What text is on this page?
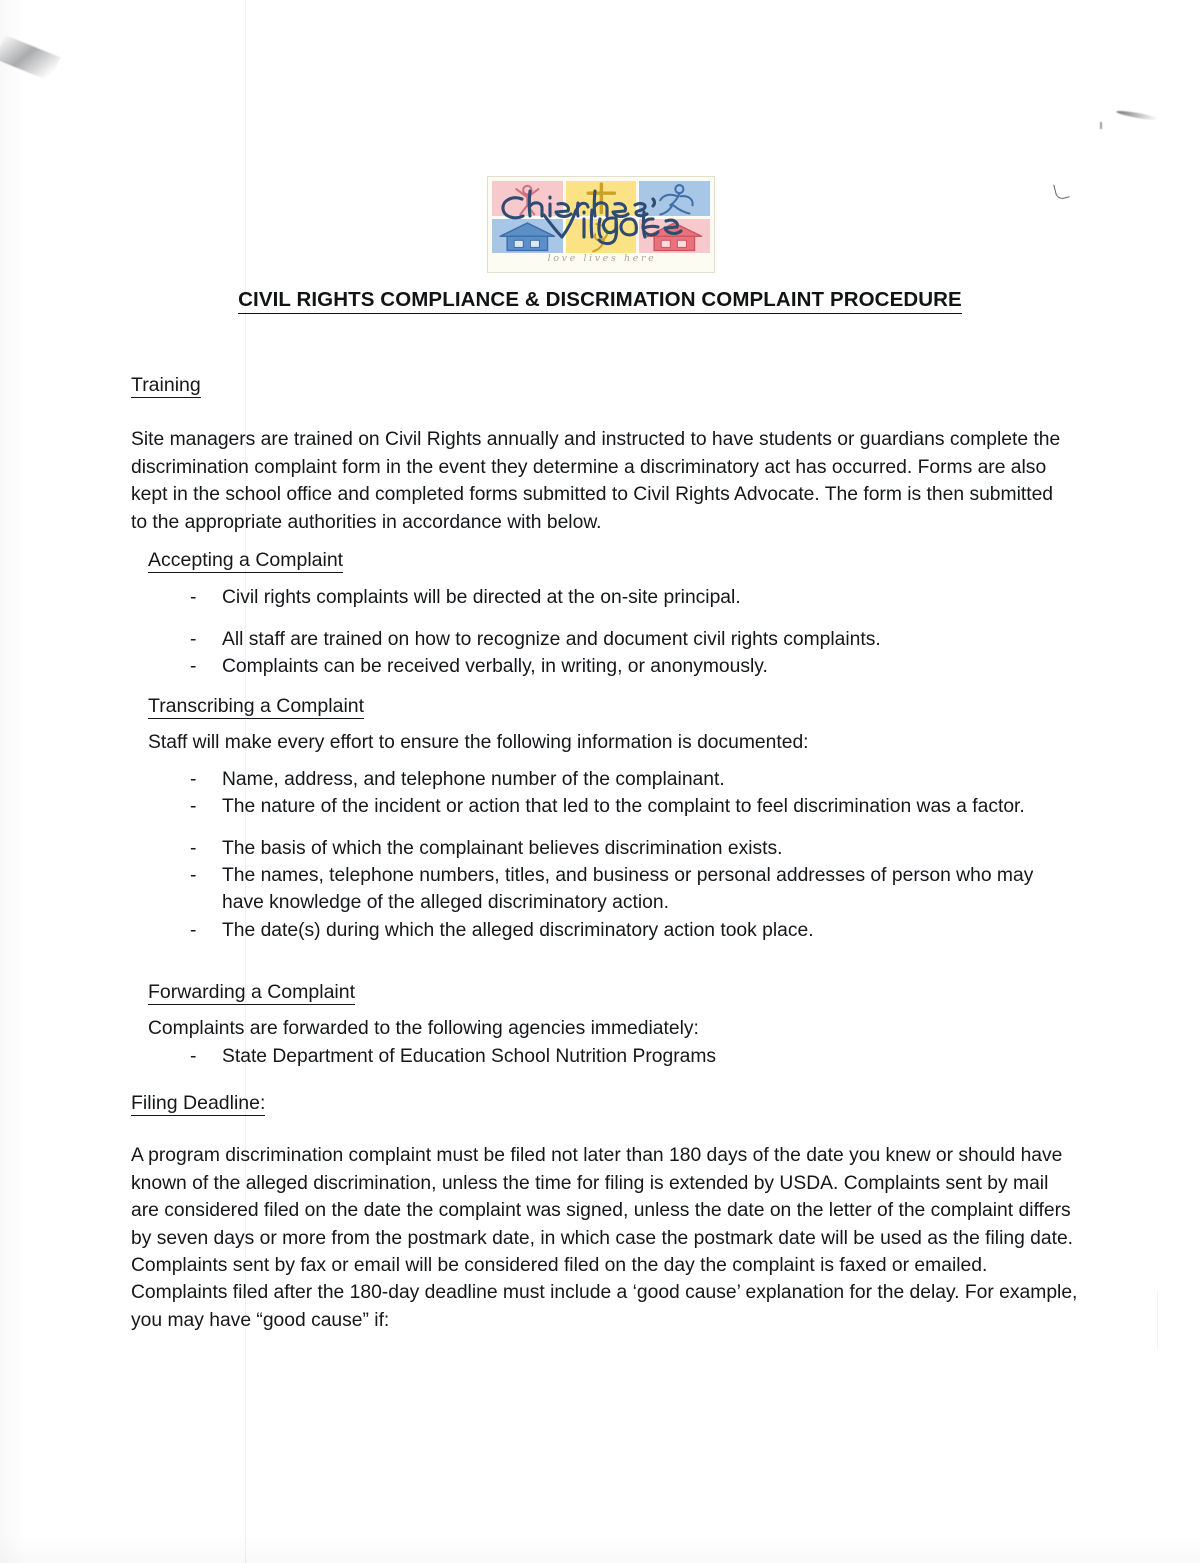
love lives here
CIVIL RIGHTS COMPLIANCE & DISCRIMATION COMPLAINT PROCEDURE
Training
Site managers are trained on Civil Rights annually and instructed to have students or guardians complete the discrimination complaint form in the event they determine a discriminatory act has occurred. Forms are also kept in the school office and completed forms submitted to Civil Rights Advocate. The form is then submitted to the appropriate authorities in accordance with below.
Accepting a Complaint
- Civil rights complaints will be directed at the on-site principal.
- All staff are trained on how to recognize and document civil rights complaints.
- Complaints can be received verbally, in writing, or anonymously.
Transcribing a Complaint
Staff will make every effort to ensure the following information is documented:
- Name, address, and telephone number of the complainant.
- The nature of the incident or action that led to the complaint to feel discrimination was a factor.
- The basis of which the complainant believes discrimination exists.
- The names, telephone numbers, titles, and business or personal addresses of person who may have knowledge of the alleged discriminatory action.
- The date(s) during which the alleged discriminatory action took place.
Forwarding a Complaint
Complaints are forwarded to the following agencies immediately:
- State Department of Education School Nutrition Programs
Filing Deadline:
A program discrimination complaint must be filed not later than 180 days of the date you knew or should have known of the alleged discrimination, unless the time for filing is extended by USDA. Complaints sent by mail are considered filed on the date the complaint was signed, unless the date on the letter of the complaint differs by seven days or more from the postmark date, in which case the postmark date will be used as the filing date. Complaints sent by fax or email will be considered filed on the day the complaint is faxed or emailed. Complaints filed after the 180-day deadline must include a ‘good cause’ explanation for the delay. For example, you may have “good cause” if:
